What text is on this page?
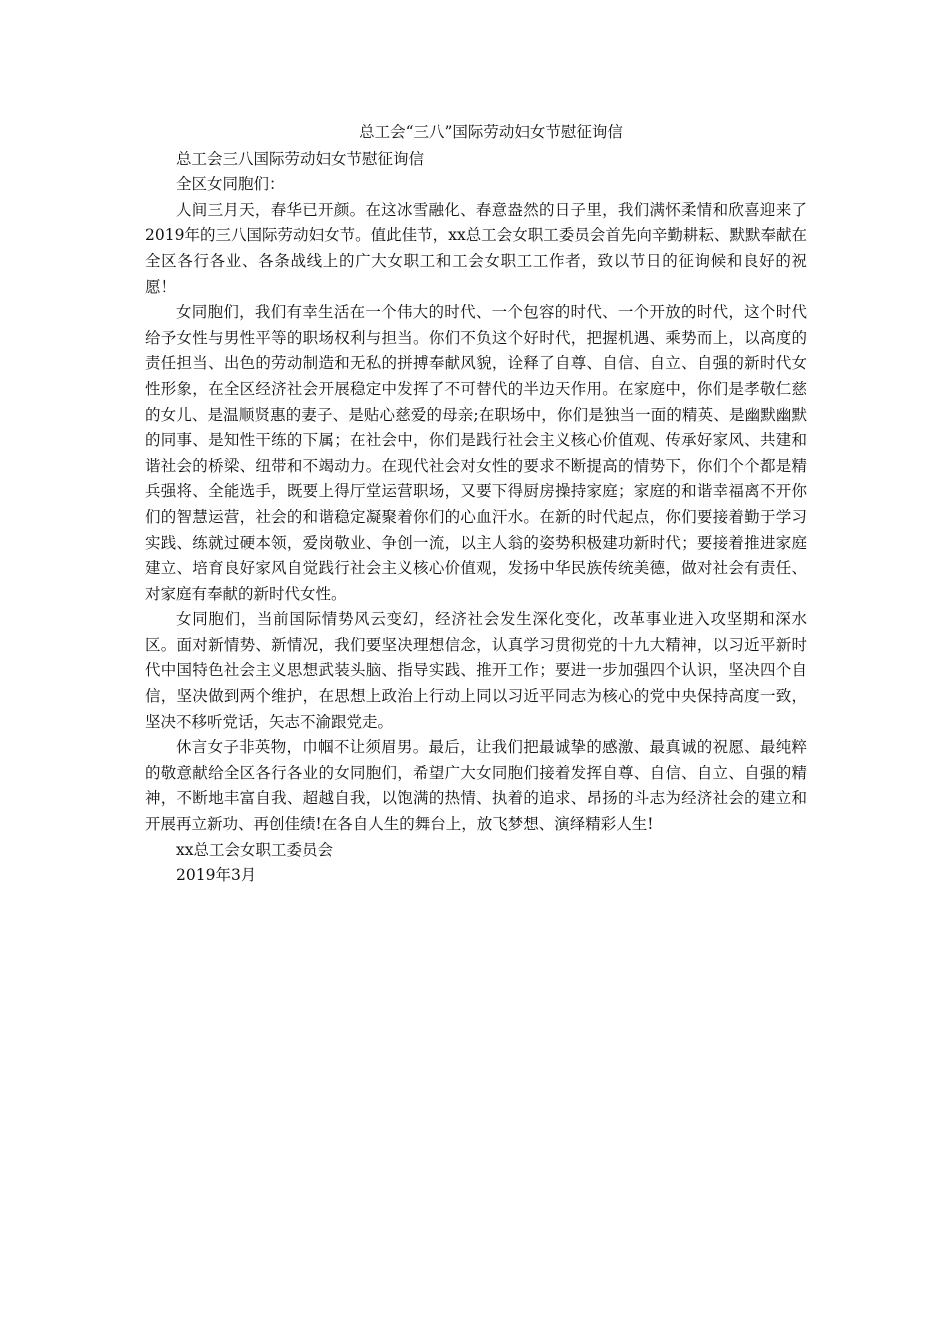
总工会“三八”国际劳动妇女节慰征询信

总工会三八国际劳动妇女节慰征询信

全区女同胞们：

人间三月天，春华已开颜。在这冰雪融化、春意盎然的日子里，我们满怀柔情和欣喜迎来了2019年的三八国际劳动妇女节。值此佳节，xx总工会女职工委员会首先向辛勤耕耘、默默奉献在全区各行各业、各条战线上的广大女职工和工会女职工工作者，致以节日的征询候和良好的祝愿！

女同胞们，我们有幸生活在一个伟大的时代、一个包容的时代、一个开放的时代，这个时代给予女性与男性平等的职场权利与担当。你们不负这个好时代，把握机遇、乘势而上，以高度的责任担当、出色的劳动制造和无私的拼搏奉献风貌，诠释了自尊、自信、自立、自强的新时代女性形象，在全区经济社会开展稳定中发挥了不可替代的半边天作用。在家庭中，你们是孝敬仁慈的女儿、是温顺贤惠的妻子、是贴心慈爱的母亲;在职场中，你们是独当一面的精英、是幽默幽默的同事、是知性干练的下属；在社会中，你们是践行社会主义核心价值观、传承好家风、共建和谐社会的桥梁、纽带和不竭动力。在现代社会对女性的要求不断提高的情势下，你们个个都是精兵强将、全能选手，既要上得厅堂运营职场，又要下得厨房操持家庭；家庭的和谐幸福离不开你们的智慧运营，社会的和谐稳定凝聚着你们的心血汗水。在新的时代起点，你们要接着勤于学习实践、练就过硬本领，爱岗敬业、争创一流，以主人翁的姿势积极建功新时代；要接着推进家庭建立、培育良好家风自觉践行社会主义核心价值观，发扬中华民族传统美德，做对社会有责任、对家庭有奉献的新时代女性。

女同胞们，当前国际情势风云变幻，经济社会发生深化变化，改革事业进入攻坚期和深水区。面对新情势、新情况，我们要坚决理想信念，认真学习贯彻党的十九大精神，以习近平新时代中国特色社会主义思想武装头脑、指导实践、推开工作；要进一步加强四个认识，坚决四个自信，坚决做到两个维护，在思想上政治上行动上同以习近平同志为核心的党中央保持高度一致，坚决不移听党话，矢志不渝跟党走。

休言女子非英物，巾帼不让须眉男。最后，让我们把最诚挚的感激、最真诚的祝愿、最纯粹的敬意献给全区各行各业的女同胞们，希望广大女同胞们接着发挥自尊、自信、自立、自强的精神，不断地丰富自我、超越自我，以饱满的热情、执着的追求、昂扬的斗志为经济社会的建立和开展再立新功、再创佳绩!在各自人生的舞台上，放飞梦想、演绎精彩人生!

xx总工会女职工委员会

2019年3月
